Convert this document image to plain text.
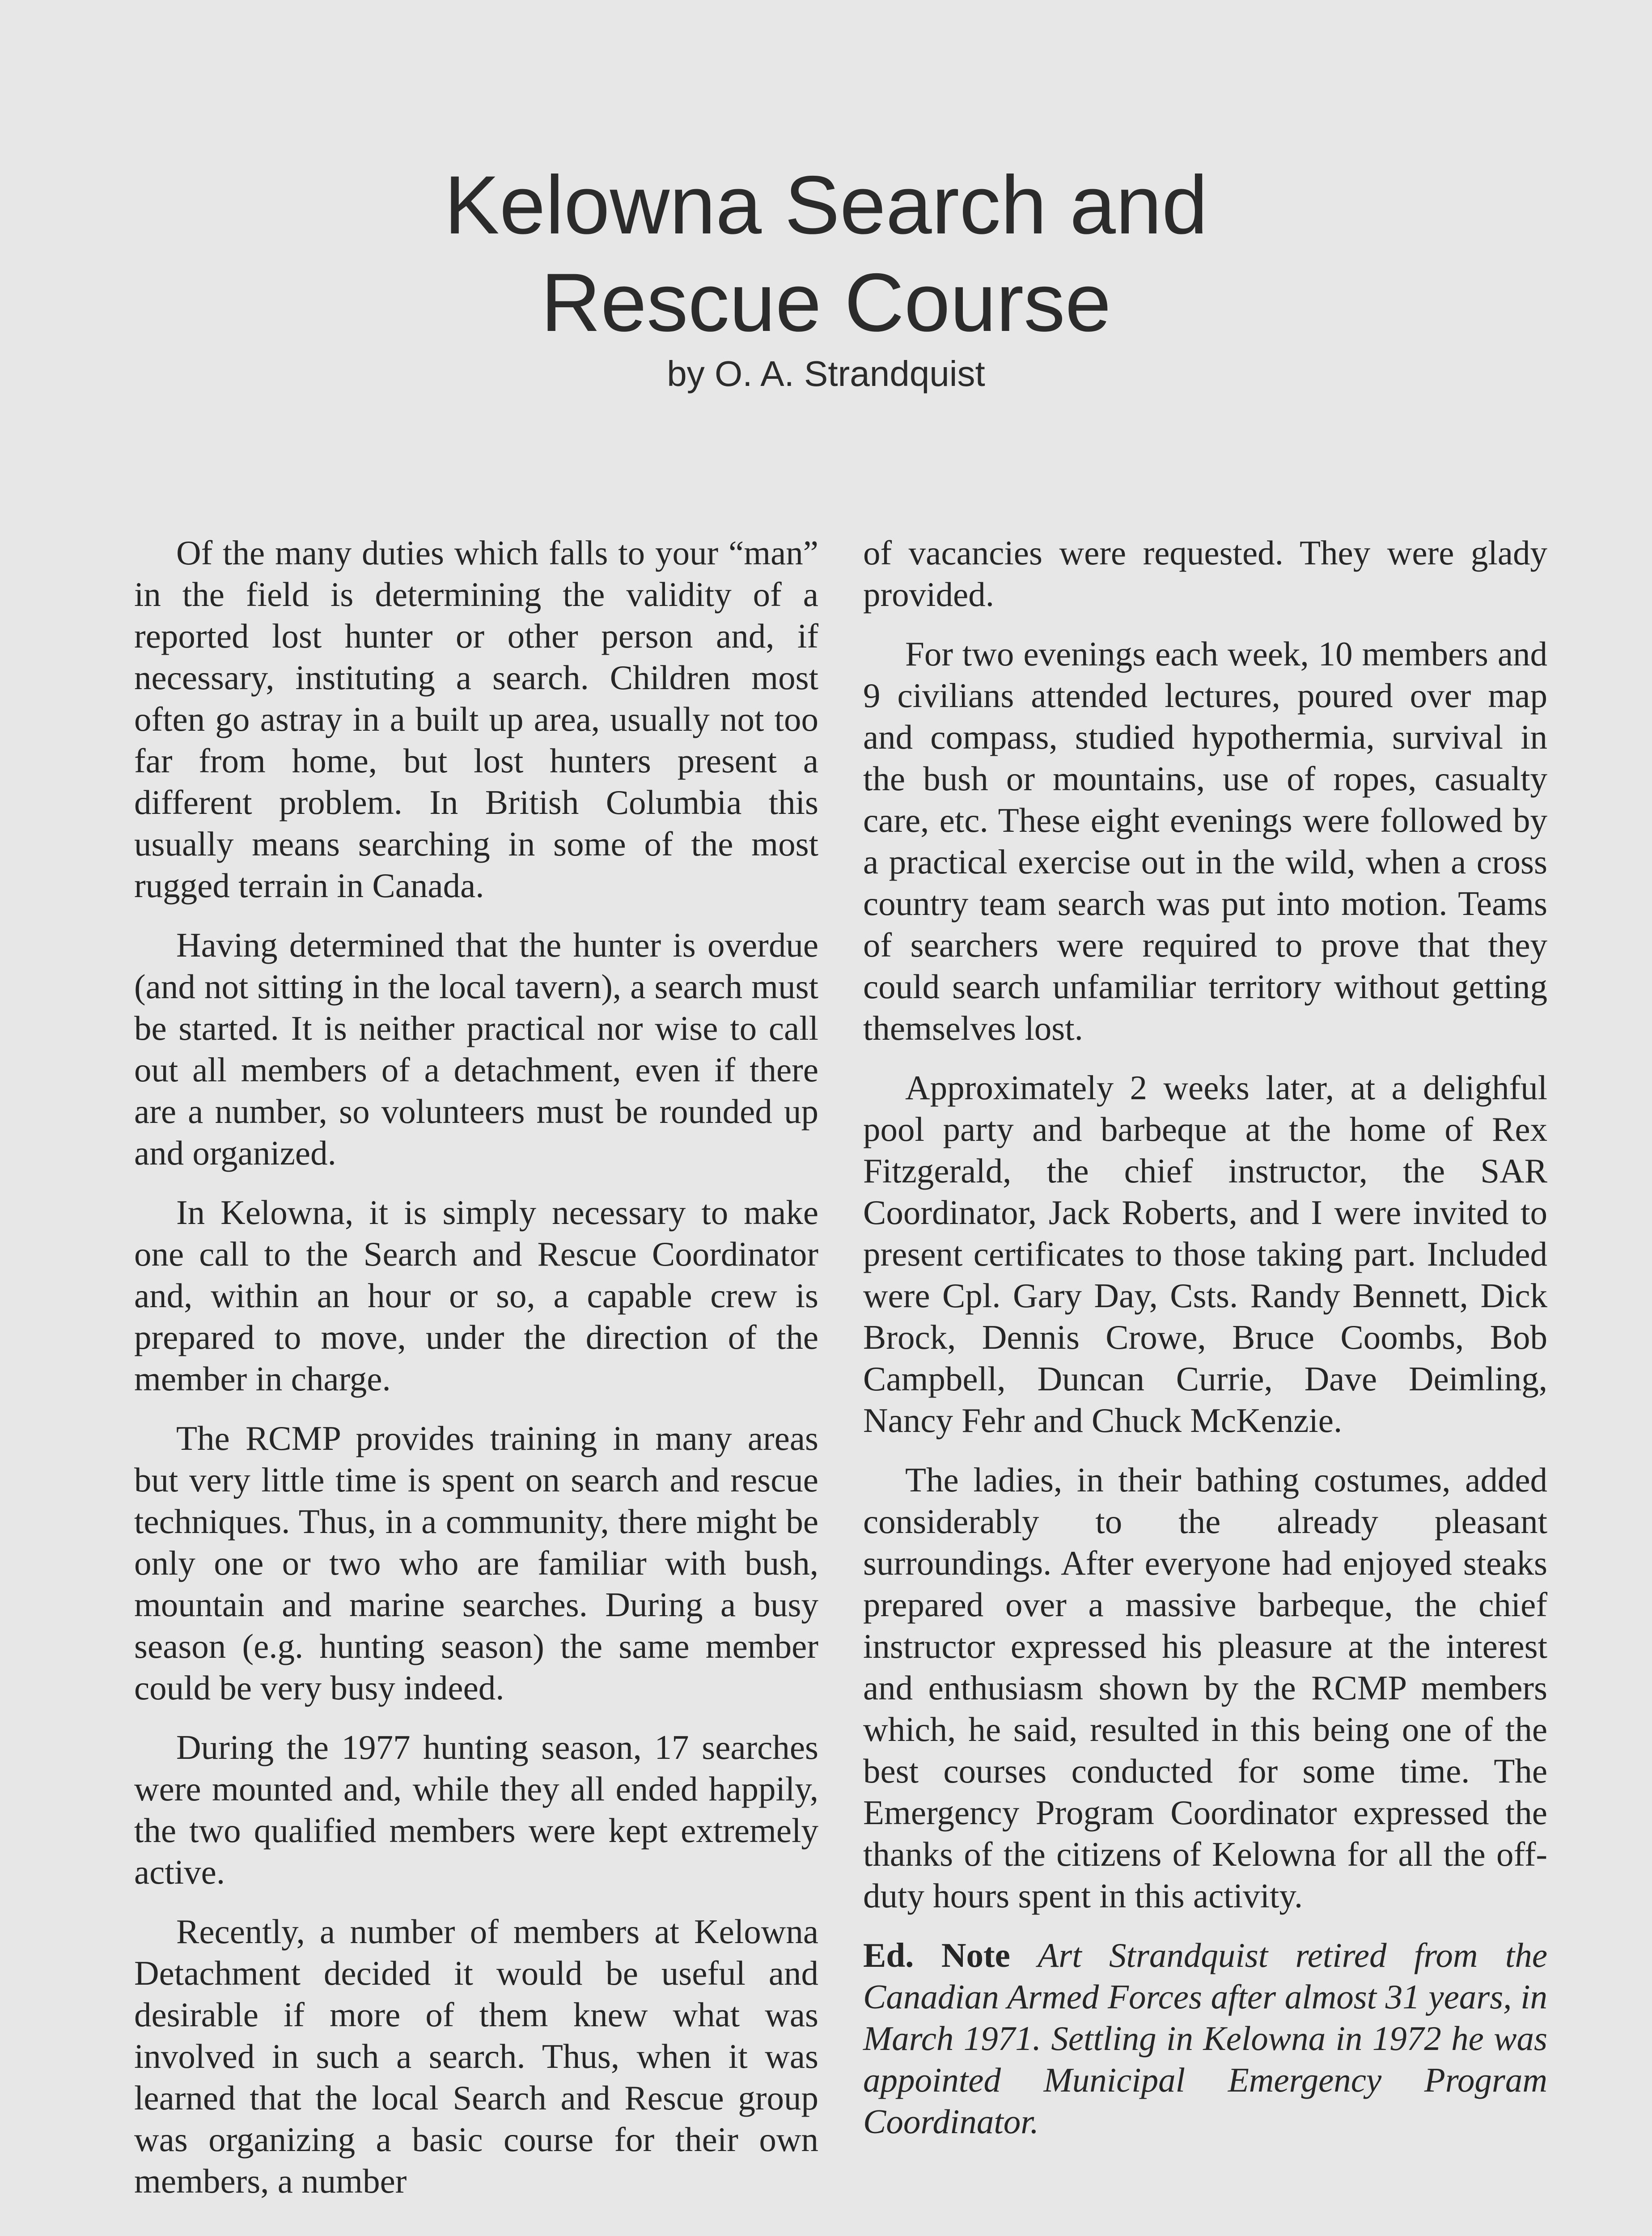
Kelowna Search and
Rescue Course
by O. A. Strandquist

Of the many duties which falls to your “man” in the field is determining the validity of a reported lost hunter or other person and, if necessary, instituting a search. Children most often go astray in a built up area, usually not too far from home, but lost hunters present a different problem. In British Columbia this usually means searching in some of the most rugged terrain in Canada.

Having determined that the hunter is overdue (and not sitting in the local tavern), a search must be started. It is neither practical nor wise to call out all members of a detachment, even if there are a number, so volunteers must be rounded up and organized.

In Kelowna, it is simply necessary to make one call to the Search and Rescue Coordinator and, within an hour or so, a capable crew is prepared to move, under the direction of the member in charge.

The RCMP provides training in many areas but very little time is spent on search and rescue techniques. Thus, in a community, there might be only one or two who are familiar with bush, mountain and marine searches. During a busy season (e.g. hunting season) the same member could be very busy indeed.

During the 1977 hunting season, 17 searches were mounted and, while they all ended happily, the two qualified members were kept extremely active.

Recently, a number of members at Kelowna Detachment decided it would be useful and desirable if more of them knew what was involved in such a search. Thus, when it was learned that the local Search and Rescue group was organizing a basic course for their own members, a number

of vacancies were requested. They were glady provided.

For two evenings each week, 10 members and 9 civilians attended lectures, poured over map and compass, studied hypothermia, survival in the bush or mountains, use of ropes, casualty care, etc. These eight evenings were followed by a practical exercise out in the wild, when a cross country team search was put into motion. Teams of searchers were required to prove that they could search unfamiliar territory without getting themselves lost.

Approximately 2 weeks later, at a delighful pool party and barbeque at the home of Rex Fitzgerald, the chief instructor, the SAR Coordinator, Jack Roberts, and I were invited to present certificates to those taking part. Included were Cpl. Gary Day, Csts. Randy Bennett, Dick Brock, Dennis Crowe, Bruce Coombs, Bob Campbell, Duncan Currie, Dave Deimling, Nancy Fehr and Chuck McKenzie.

The ladies, in their bathing costumes, added considerably to the already pleasant surroundings. After everyone had enjoyed steaks prepared over a massive barbeque, the chief instructor expressed his pleasure at the interest and enthusiasm shown by the RCMP members which, he said, resulted in this being one of the best courses conducted for some time. The Emergency Program Coordinator expressed the thanks of the citizens of Kelowna for all the off-duty hours spent in this activity.

Ed. Note Art Strandquist retired from the Canadian Armed Forces after almost 31 years, in March 1971. Settling in Kelowna in 1972 he was appointed Municipal Emergency Program Coordinator.
